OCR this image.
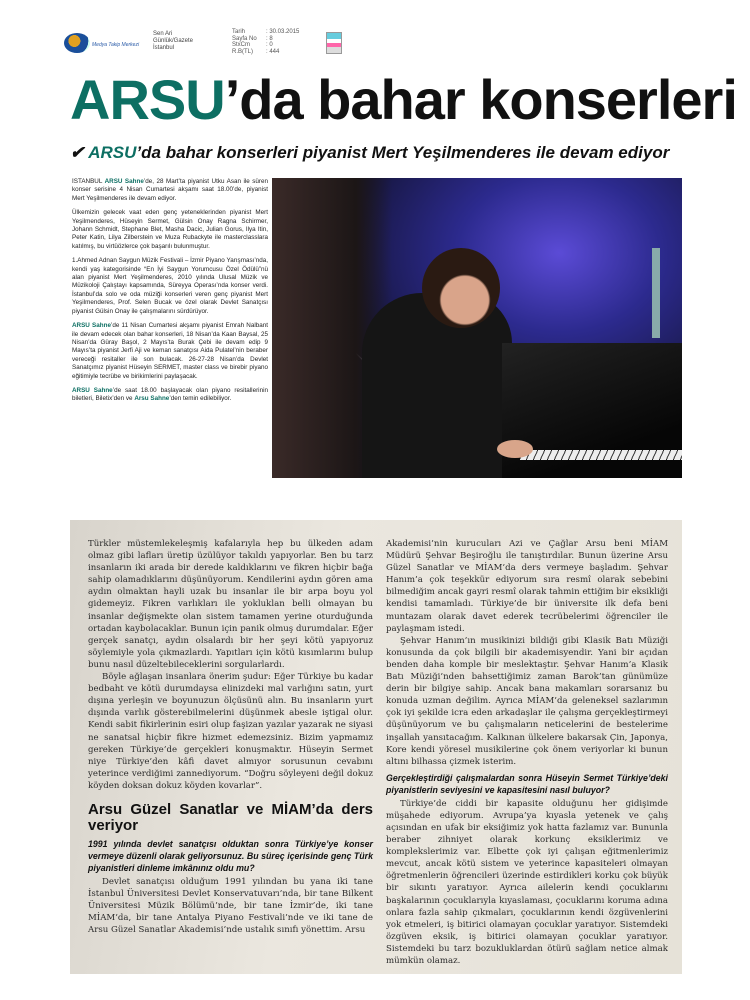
Medya Takip Merkezi
Sen Ari
Günlük/Gazete
İstanbul
Tarih	: 30.03.2015
Sayfa No	: 8
StxCm	: 0
R.B(TL)	: 444
ARSU’da bahar konserleri
✔ ARSU’da bahar konserleri piyanist Mert Yeşilmenderes ile devam ediyor

İSTANBUL ARSU Sahne’de, 28 Mart’ta piyanist Utku Asan ile süren konser serisine 4 Nisan Cumartesi akşamı saat 18.00’de, piyanist Mert Yeşilmenderes ile devam ediyor.

Ülkemizin gelecek vaat eden genç yeteneklerinden piyanist Mert Yeşilmenderes, Hüseyin Sermet, Gülsin Onay Ragna Schirmer, Johann Schmidt, Stephane Blet, Masha Dacic, Julian Gorus, Ilya Itin, Peter Katin, Lilya Zilberstein ve Muza Rubackyte ile masterclasslara katılmış, bu virtüözlerce çok başarılı bulunmuştur.

1.Ahmed Adnan Saygun Müzik Festivali – İzmir Piyano Yarışması’nda, kendi yaş kategorisinde “En İyi Saygun Yorumcusu Özel Ödülü”nü alan piyanist Mert Yeşilmenderes, 2010 yılında Ulusal Müzik ve Müzikoloji Çalıştayı kapsamında, Süreyya Operası’nda konser verdi. İstanbul’da solo ve oda müziği konserleri veren genç piyanist Mert Yeşilmenderes, Prof. Selen Bucak ve özel olarak Devlet Sanatçısı piyanist Gülsin Onay ile çalışmalarını sürdürüyor.

ARSU Sahne’de 11 Nisan Cumartesi akşamı piyanist Emrah Nalbant ile devam edecek olan bahar konserleri, 18 Nisan’da Kaan Baysal, 25 Nisan’da Güray Başol, 2 Mayıs’ta Burak Çebi ile devam edip 9 Mayıs’ta piyanist Jerfi Aji ve keman sanatçısı Aida Pulatel’nin beraber vereceği resitaller ile son bulacak. 26-27-28 Nisan’da Devlet Sanatçımız piyanist Hüseyin SERMET, master class ve birebir piyano eğitimiyle tecrübe ve birikimlerini paylaşacak.

ARSU Sahne’de saat 18.00 başlayacak olan piyano resitallerinin biletleri, Biletix’den ve Arsu Sahne’den temin edilebiliyor.

Türkler müstemlekeleşmiş kafalarıyla hep bu ülkeden adam olmaz gibi lafları üretip üzülüyor takıldı yapıyorlar. Ben bu tarz insanların iki arada bir derede kaldıklarını ve fikren hiçbir bağa sahip olamadıklarını düşünüyorum. Kendilerini aydın gören ama aydın olmaktan hayli uzak bu insanlar ile bir arpa boyu yol gidemeyiz. Fikren varlıkları ile yokluklan belli olmayan bu insanlar değişmekte olan sistem tamamen yerine oturduğunda ortadan kaybolacaklar. Bunun için panik olmuş durumdalar. Eğer gerçek sanatçı, aydın olsalardı bir her şeyi kötü yapıyoruz söylemiyle yola çıkmazlardı. Yapıtları için kötü kısımlarını bulup bunu nasıl düzeltebileceklerini sorgularlardı.

Böyle ağlaşan insanlara önerim şudur: Eğer Türkiye bu kadar bedbaht ve kötü durumdaysa elinizdeki mal varlığını satın, yurt dışına yerleşin ve boyunuzun ölçüsünü alın. Bu insanların yurt dışında varlık gösterebilmelerini düşünmek abesle iştigal olur. Kendi sabit fikirlerinin esiri olup faşizan yazılar yazarak ne siyasi ne sanatsal hiçbir fikre hizmet edemezsiniz. Bizim yapmamız gereken Türkiye’de gerçekleri konuşmaktır. Hüseyin Sermet niye Türkiye’den kâfi davet almıyor sorusunun cevabını yeterince verdiğimi zannediyorum. “Doğru söyleyeni değil dokuz köyden doksan dokuz köyden kovarlar”.

Arsu Güzel Sanatlar ve MİAM’da ders veriyor

1991 yılında devlet sanatçısı olduktan sonra Türkiye’ye konser vermeye düzenli olarak geliyorsunuz. Bu süreç içerisinde genç Türk piyanistleri dinleme imkânınız oldu mu?

Devlet sanatçısı olduğum 1991 yılından bu yana iki tane İstanbul Üniversitesi Devlet Konservatuvarı’nda, bir tane Bilkent Üniversitesi Müzik Bölümü’nde, bir tane İzmir’de, iki tane MİAM’da, bir tane Antalya Piyano Festivali’nde ve iki tane de Arsu Güzel Sanatlar Akademisi’nde ustalık sınıfı yönettim. Arsu

Akademisi’nin kurucuları Azi ve Çağlar Arsu beni MİAM Müdürü Şehvar Beşiroğlu ile tanıştırdılar. Bunun üzerine Arsu Güzel Sanatlar ve MİAM’da ders vermeye başladım. Şehvar Hanım’a çok teşekkür ediyorum sıra resmî olarak sebebini bilmediğim ancak gayri resmî olarak tahmin ettiğim bir eksikliği kendisi tamamladı. Türkiye’de bir üniversite ilk defa beni muntazam olarak davet ederek tecrübelerimi öğrenciler ile paylaşmam istedi.

Şehvar Hanım’ın musikinizi bildiği gibi Klasik Batı Müziği konusunda da çok bilgili bir akademisyendir. Yani bir açıdan benden daha komple bir meslektaştır. Şehvar Hanım’a Klasik Batı Müziği’nden bahsettiğimiz zaman Barok’tan günümüze derin bir bilgiye sahip. Ancak bana makamları sorarsanız bu konuda uzman değilim. Ayrıca MİAM’da geleneksel sazlarımın çok iyi şekilde icra eden arkadaşlar ile çalışma gerçekleştirmeyi düşünüyorum ve bu çalışmaların neticelerini de bestelerime inşallah yansıtacağım. Kalkınan ülkelere bakarsak Çin, Japonya, Kore kendi yöresel musikilerine çok önem veriyorlar ki bunun altını bilhassa çizmek isterim.

Gerçekleştirdiği çalışmalardan sonra Hüseyin Sermet Türkiye’deki piyanistlerin seviyesini ve kapasitesini nasıl buluyor?

Türkiye’de ciddi bir kapasite olduğunu her gidişimde müşahede ediyorum. Avrupa’ya kıyasla yetenek ve çalış açısından en ufak bir eksiğimiz yok hatta fazlamız var. Bununla beraber zihniyet olarak korkunç eksiklerimiz ve komplekslerimiz var. Elbette çok iyi çalışan eğitmenlerimiz mevcut, ancak kötü sistem ve yeterince kapasiteleri olmayan öğretmenlerin öğrencileri üzerinde estirdikleri korku çok büyük bir sıkıntı yaratıyor. Ayrıca ailelerin kendi çocuklarını başkalarının çocuklarıyla kıyaslaması, çocuklarını koruma adına onlara fazla sahip çıkmaları, çocuklarının kendi özgüvenlerini yok etmeleri, iş bitirici olamayan çocuklar yaratıyor. Sistemdeki özgüven eksik, iş bitirici olamayan çocuklar yaratıyor. Sistemdeki bu tarz bozukluklardan ötürü sağlam netice almak mümkün olamaz.
